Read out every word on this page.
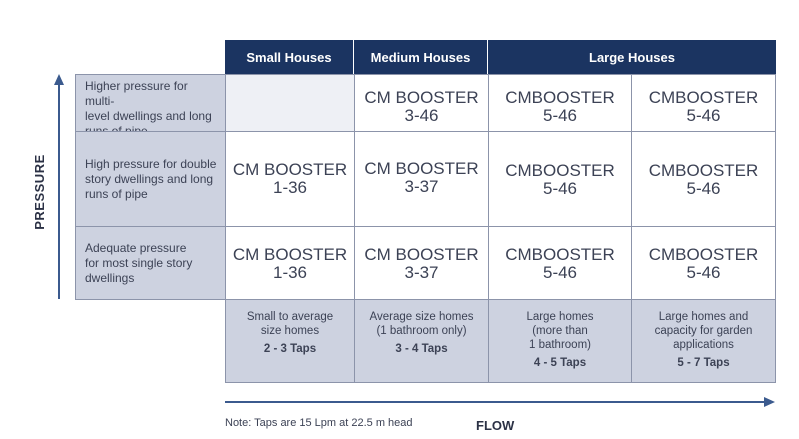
Small Houses	Medium Houses	Large Houses
Higher pressure for multi-
level dwellings and long

CM BOOSTER
3-46
CMBOOSTER
5-46
CMBOOSTER
5-46
High pressure for double
story dwellings and long
runs of pipe
CM BOOSTER
1-36
CM BOOSTER
3-37
CMBOOSTER
5-46
CMBOOSTER
5-46
Adequate pressure
for most single story
dwellings
CM BOOSTER
1-36
CM BOOSTER
3-37
CMBOOSTER
5-46
CMBOOSTER
5-46
Small to average
size homes
2 - 3 Taps
Average size homes
(1 bathroom only)
3 - 4 Taps
Large homes
(more than
1 bathroom)
4 - 5 Taps
Large homes and
capacity for garden
applications
5 - 7 Taps
PRESSURE
FLOW
Note: Taps are 15 Lpm at 22.5 m head
